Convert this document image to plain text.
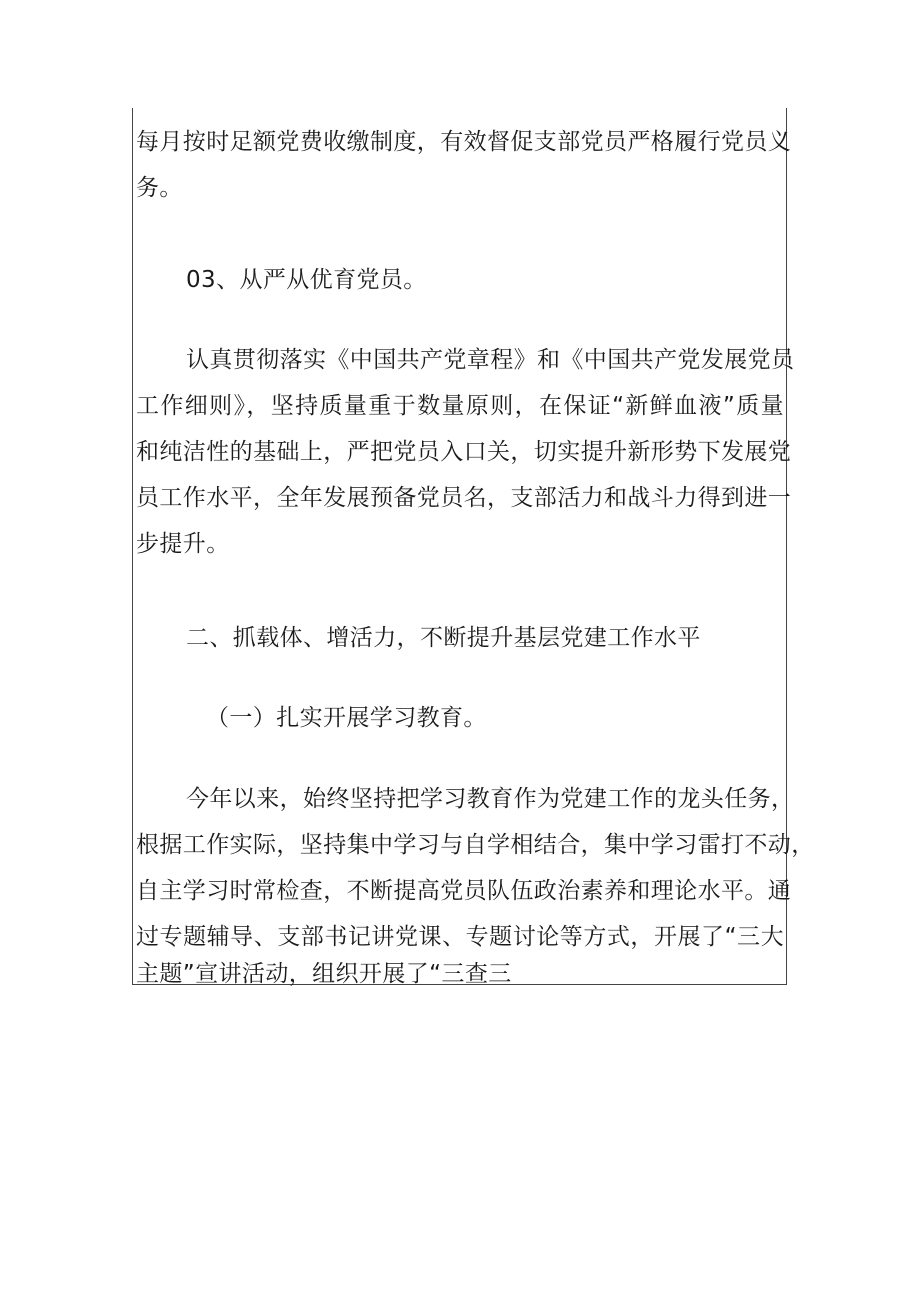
每月按时足额党费收缴制度，有效督促支部党员严格履行党员义
务。
03、从严从优育党员。
认真贯彻落实《中国共产党章程》和《中国共产党发展党员
工作细则》，坚持质量重于数量原则，在保证“新鲜血液”质量
和纯洁性的基础上，严把党员入口关，切实提升新形势下发展党
员工作水平，全年发展预备党员名，支部活力和战斗力得到进一
步提升。
二、抓载体、增活力，不断提升基层党建工作水平
（一）扎实开展学习教育。
今年以来，始终坚持把学习教育作为党建工作的龙头任务，
根据工作实际，坚持集中学习与自学相结合，集中学习雷打不动，
自主学习时常检查，不断提高党员队伍政治素养和理论水平。通
过专题辅导、支部书记讲党课、专题讨论等方式，开展了“三大
主题”宣讲活动，组织开展了“三查三
